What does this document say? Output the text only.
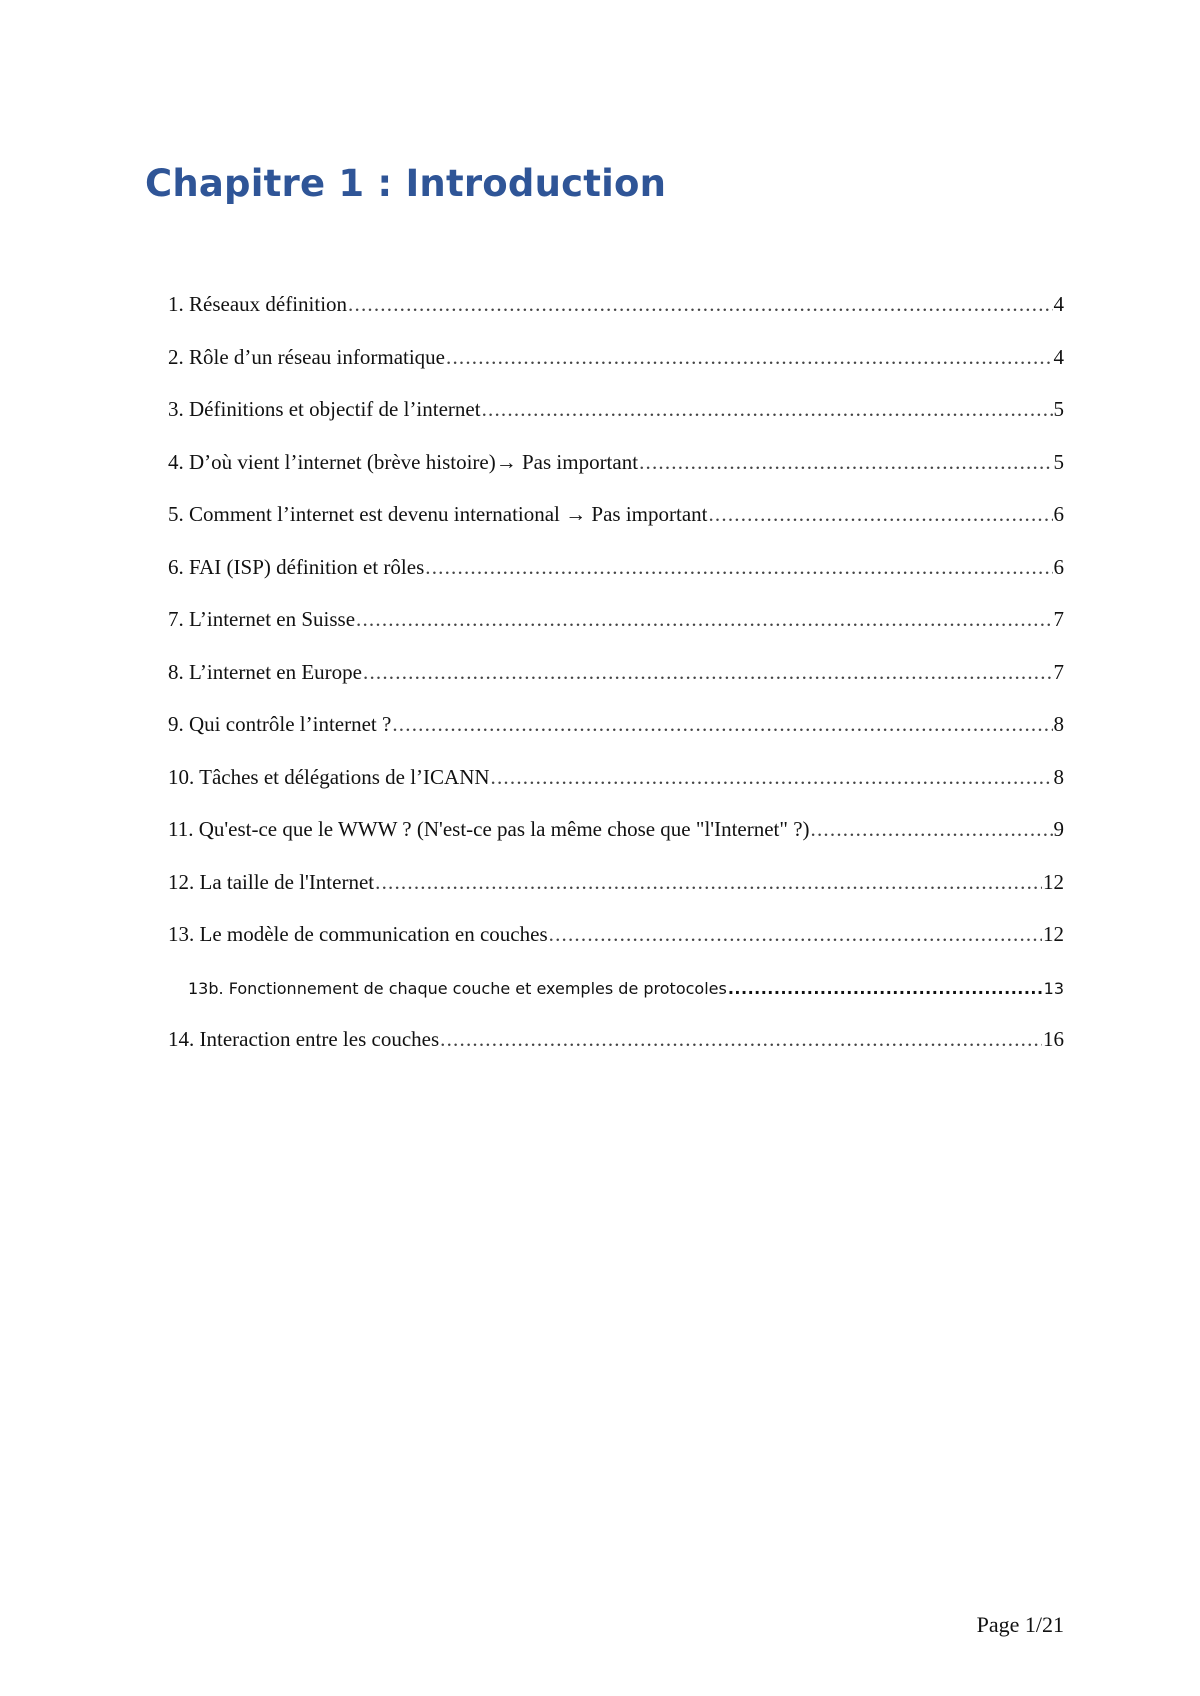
Chapitre 1 : Introduction
1. Réseaux définition .....	4
2. Rôle d’un réseau informatique .....	4
3. Définitions et objectif de l’internet .....	5
4. D’où vient l’internet (brève histoire)→ Pas important .....	5
5. Comment l’internet est devenu international → Pas important .....	6
6. FAI (ISP) définition et rôles .....	6
7. L’internet en Suisse .....	7
8. L’internet en Europe .....	7
9. Qui contrôle l’internet ? .....	8
10. Tâches et délégations de l’ICANN .....	8
11. Qu'est-ce que le WWW ? (N'est-ce pas la même chose que "l'Internet" ?) .....	9
12. La taille de l'Internet .....	12
13. Le modèle de communication en couches .....	12
13b. Fonctionnement de chaque couche et exemples de protocoles .....	13
14. Interaction entre les couches .....	16
Page 1/21
